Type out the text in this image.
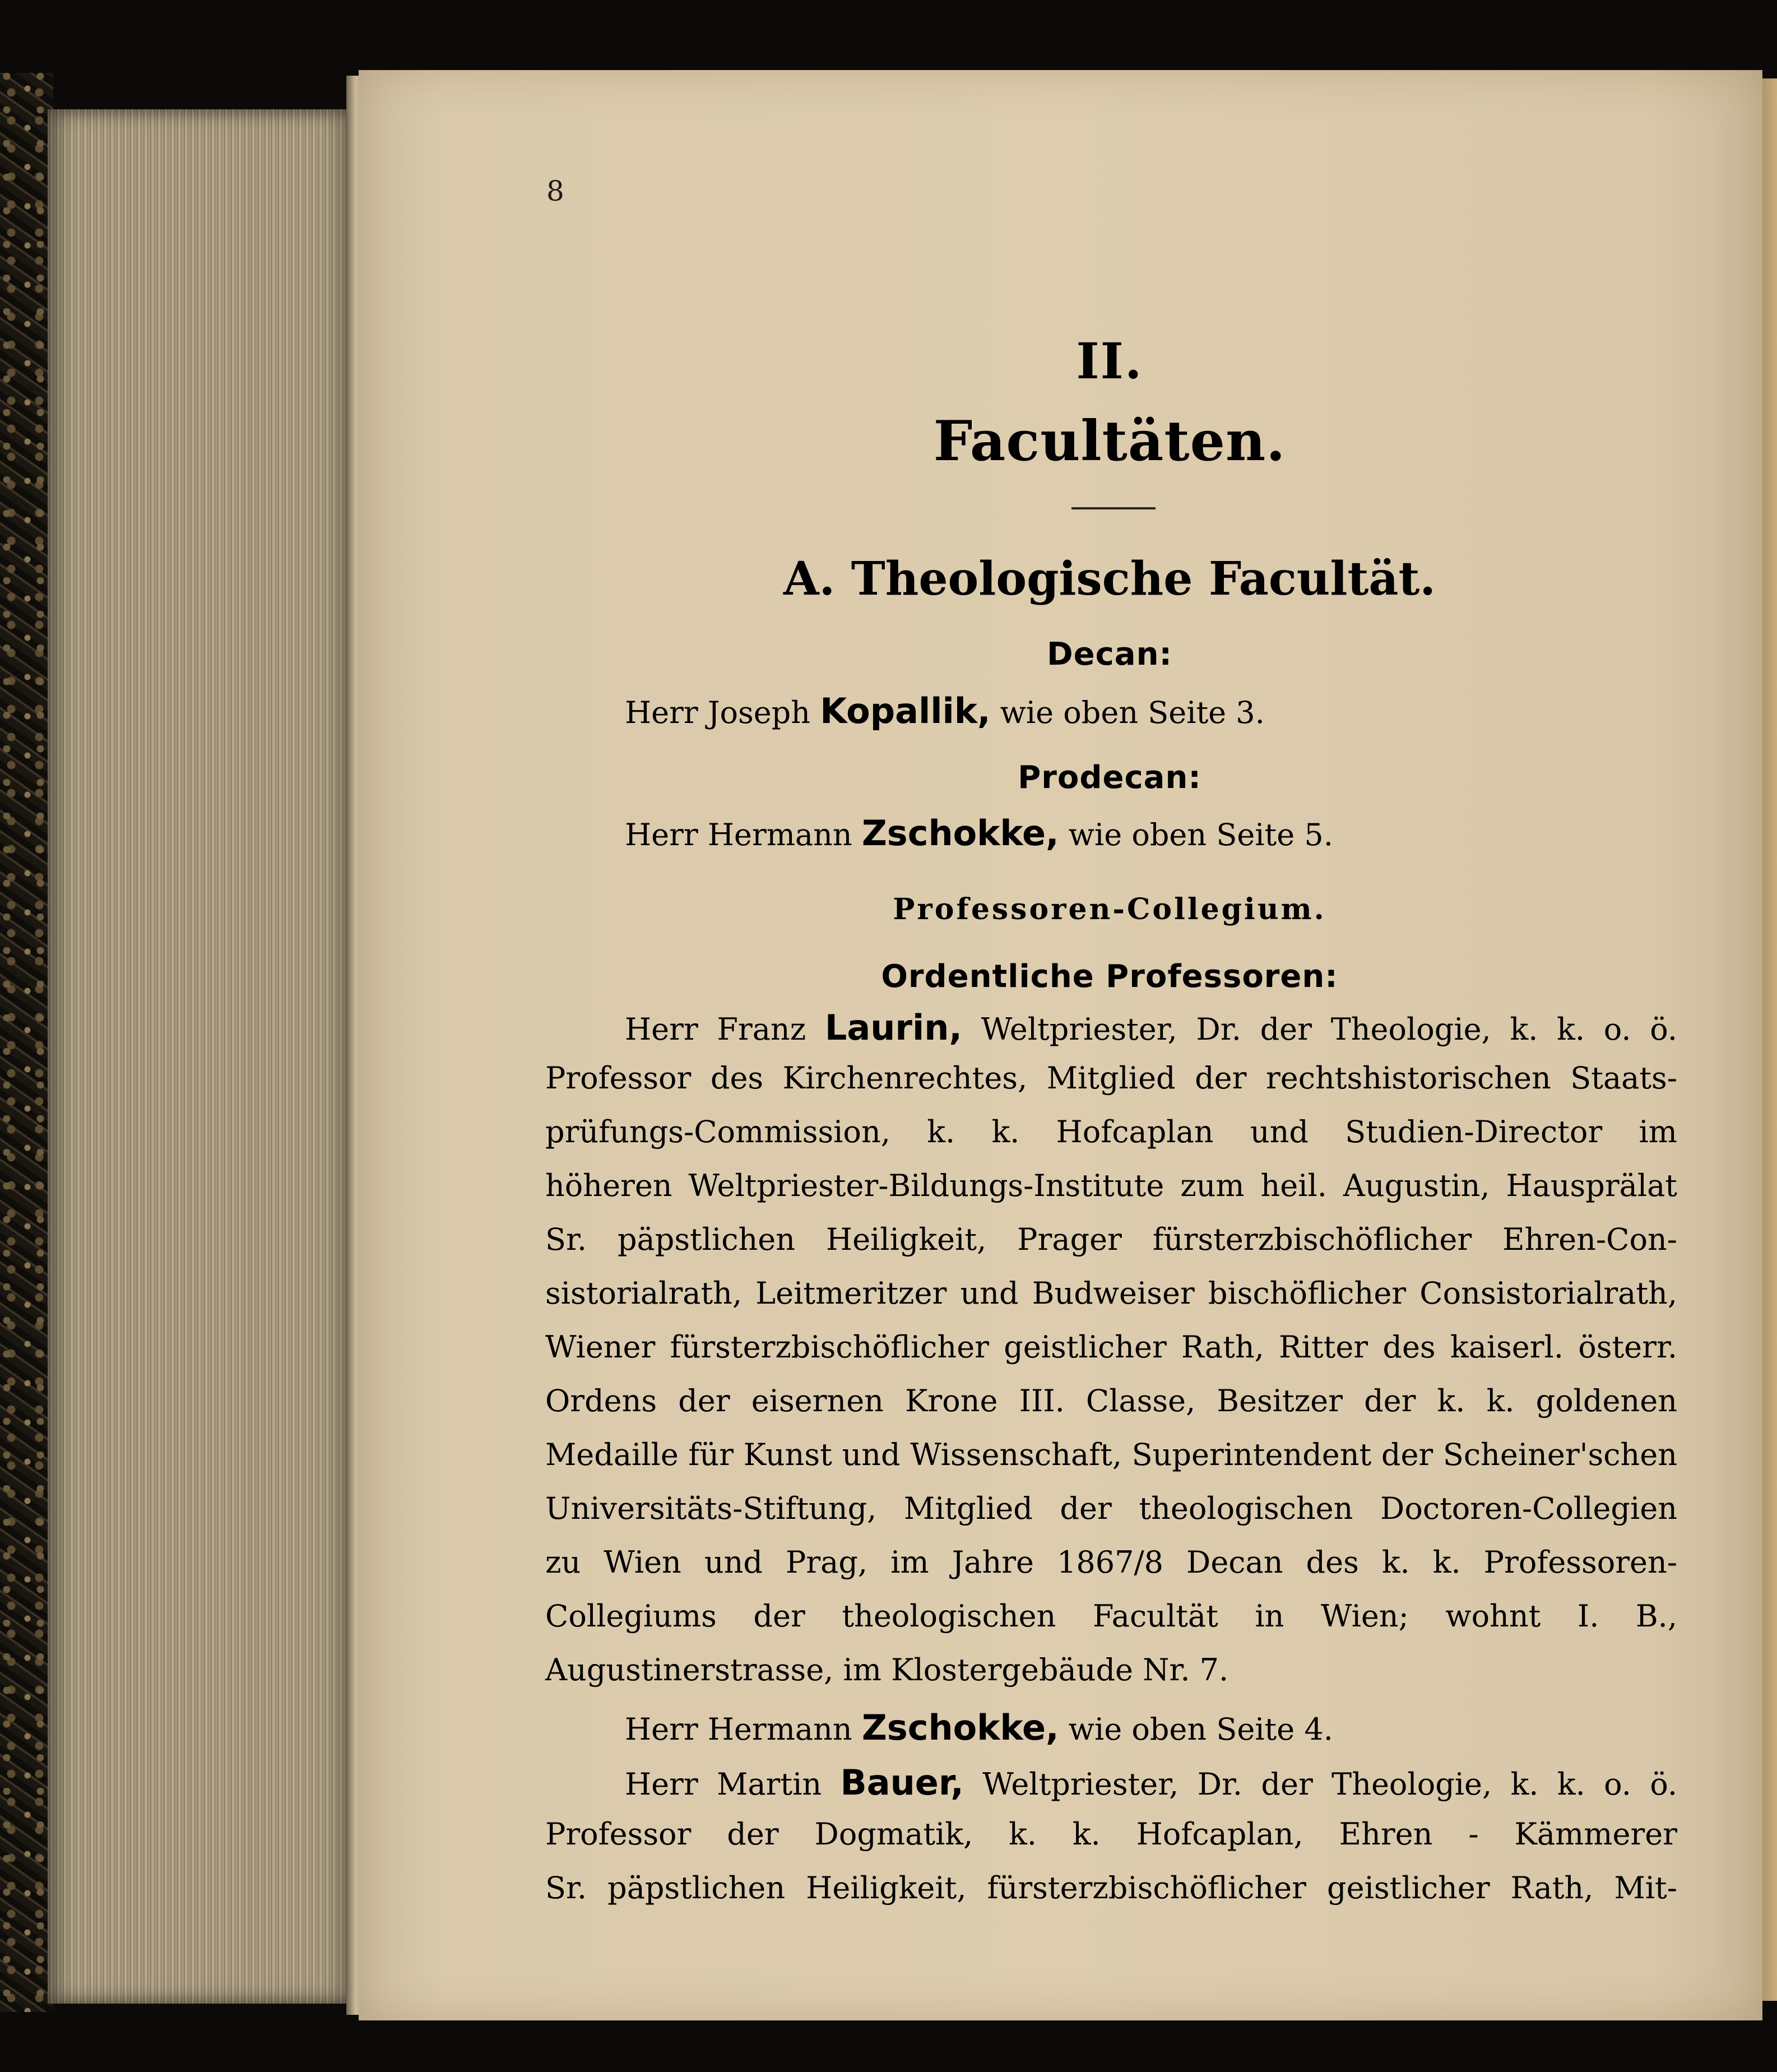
8
II.
Facultäten.
A. Theologische Facultät.
Decan:
Herr Joseph Kopallik, wie oben Seite 3.
Prodecan:
Herr Hermann Zschokke, wie oben Seite 5.
Professoren-Collegium.
Ordentliche Professoren:
Herr Franz Laurin, Weltpriester, Dr. der Theologie, k. k. o. ö.
Professor des Kirchenrechtes, Mitglied der rechtshistorischen Staats-
prüfungs-Commission, k. k. Hofcaplan und Studien-Director im
höheren Weltpriester-Bildungs-Institute zum heil. Augustin, Hausprälat
Sr. päpstlichen Heiligkeit, Prager fürsterzbischöflicher Ehren-Con-
sistorialrath, Leitmeritzer und Budweiser bischöflicher Consistorialrath,
Wiener fürsterzbischöflicher geistlicher Rath, Ritter des kaiserl. österr.
Ordens der eisernen Krone III. Classe, Besitzer der k. k. goldenen
Medaille für Kunst und Wissenschaft, Superintendent der Scheiner'schen
Universitäts-Stiftung, Mitglied der theologischen Doctoren-Collegien
zu Wien und Prag, im Jahre 1867/8 Decan des k. k. Professoren-
Collegiums der theologischen Facultät in Wien; wohnt I. B.,
Augustinerstrasse, im Klostergebäude Nr. 7.
Herr Hermann Zschokke, wie oben Seite 4.
Herr Martin Bauer, Weltpriester, Dr. der Theologie, k. k. o. ö.
Professor der Dogmatik, k. k. Hofcaplan, Ehren - Kämmerer
Sr. päpstlichen Heiligkeit, fürsterzbischöflicher geistlicher Rath, Mit-
